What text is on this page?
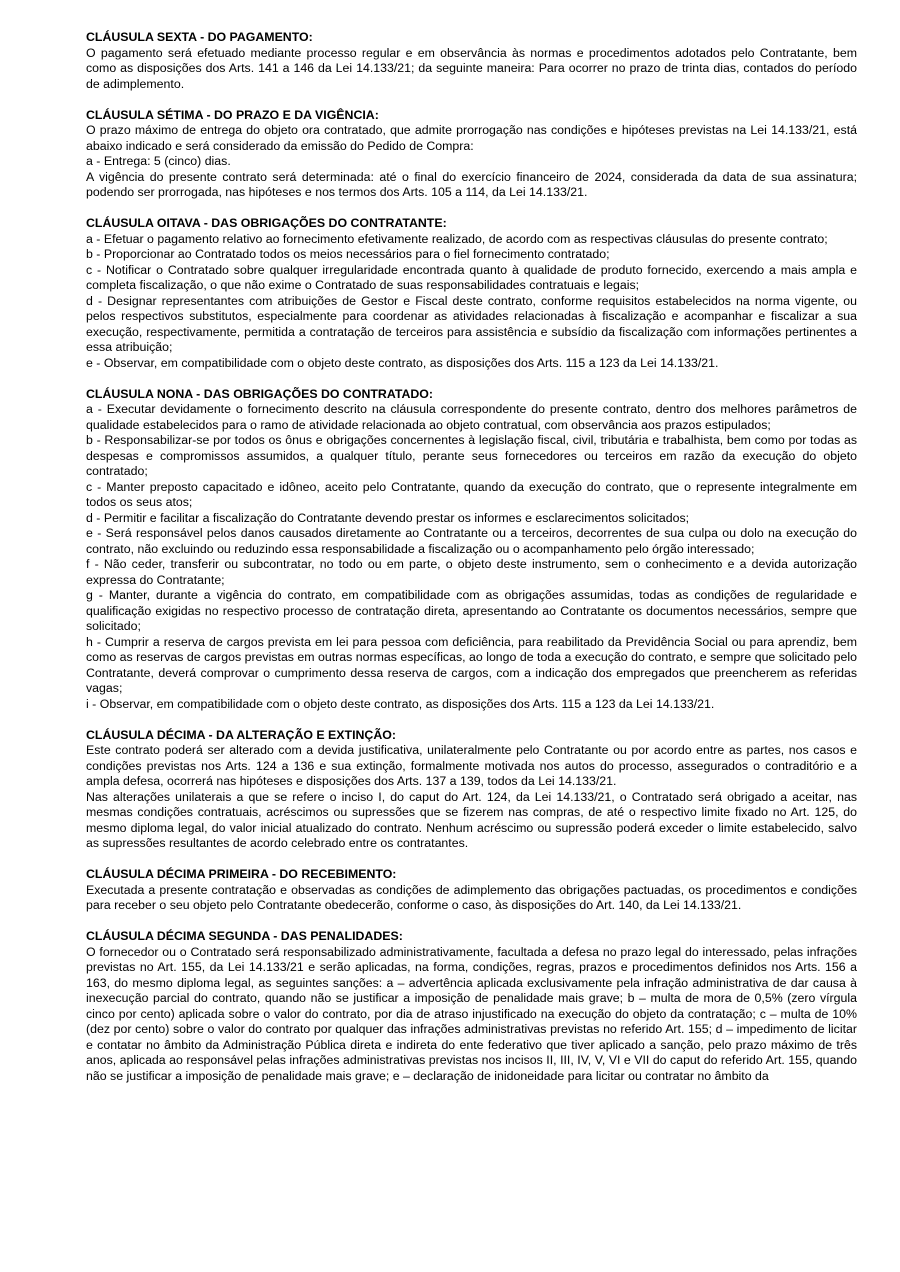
CLÁUSULA SEXTA - DO PAGAMENTO:
O pagamento será efetuado mediante processo regular e em observância às normas e procedimentos adotados pelo Contratante, bem como as disposições dos Arts. 141 a 146 da Lei 14.133/21; da seguinte maneira: Para ocorrer no prazo de trinta dias, contados do período de adimplemento.
CLÁUSULA SÉTIMA - DO PRAZO E DA VIGÊNCIA:
O prazo máximo de entrega do objeto ora contratado, que admite prorrogação nas condições e hipóteses previstas na Lei 14.133/21, está abaixo indicado e será considerado da emissão do Pedido de Compra:
a - Entrega: 5 (cinco) dias.
A vigência do presente contrato será determinada: até o final do exercício financeiro de 2024, considerada da data de sua assinatura; podendo ser prorrogada, nas hipóteses e nos termos dos Arts. 105 a 114, da Lei 14.133/21.
CLÁUSULA OITAVA - DAS OBRIGAÇÕES DO CONTRATANTE:
a - Efetuar o pagamento relativo ao fornecimento efetivamente realizado, de acordo com as respectivas cláusulas do presente contrato;
b - Proporcionar ao Contratado todos os meios necessários para o fiel fornecimento contratado;
c - Notificar o Contratado sobre qualquer irregularidade encontrada quanto à qualidade de produto fornecido, exercendo a mais ampla e completa fiscalização, o que não exime o Contratado de suas responsabilidades contratuais e legais;
d - Designar representantes com atribuições de Gestor e Fiscal deste contrato, conforme requisitos estabelecidos na norma vigente, ou pelos respectivos substitutos, especialmente para coordenar as atividades relacionadas à fiscalização e acompanhar e fiscalizar a sua execução, respectivamente, permitida a contratação de terceiros para assistência e subsídio da fiscalização com informações pertinentes a essa atribuição;
e - Observar, em compatibilidade com o objeto deste contrato, as disposições dos Arts. 115 a 123 da Lei 14.133/21.
CLÁUSULA NONA - DAS OBRIGAÇÕES DO CONTRATADO:
a - Executar devidamente o fornecimento descrito na cláusula correspondente do presente contrato, dentro dos melhores parâmetros de qualidade estabelecidos para o ramo de atividade relacionada ao objeto contratual, com observância aos prazos estipulados;
b - Responsabilizar-se por todos os ônus e obrigações concernentes à legislação fiscal, civil, tributária e trabalhista, bem como por todas as despesas e compromissos assumidos, a qualquer título, perante seus fornecedores ou terceiros em razão da execução do objeto contratado;
c - Manter preposto capacitado e idôneo, aceito pelo Contratante, quando da execução do contrato, que o represente integralmente em todos os seus atos;
d - Permitir e facilitar a fiscalização do Contratante devendo prestar os informes e esclarecimentos solicitados;
e - Será responsável pelos danos causados diretamente ao Contratante ou a terceiros, decorrentes de sua culpa ou dolo na execução do contrato, não excluindo ou reduzindo essa responsabilidade a fiscalização ou o acompanhamento pelo órgão interessado;
f - Não ceder, transferir ou subcontratar, no todo ou em parte, o objeto deste instrumento, sem o conhecimento e a devida autorização expressa do Contratante;
g - Manter, durante a vigência do contrato, em compatibilidade com as obrigações assumidas, todas as condições de regularidade e qualificação exigidas no respectivo processo de contratação direta, apresentando ao Contratante os documentos necessários, sempre que solicitado;
h - Cumprir a reserva de cargos prevista em lei para pessoa com deficiência, para reabilitado da Previdência Social ou para aprendiz, bem como as reservas de cargos previstas em outras normas específicas, ao longo de toda a execução do contrato, e sempre que solicitado pelo Contratante, deverá comprovar o cumprimento dessa reserva de cargos, com a indicação dos empregados que preencherem as referidas vagas;
i - Observar, em compatibilidade com o objeto deste contrato, as disposições dos Arts. 115 a 123 da Lei 14.133/21.
CLÁUSULA DÉCIMA - DA ALTERAÇÃO E EXTINÇÃO:
Este contrato poderá ser alterado com a devida justificativa, unilateralmente pelo Contratante ou por acordo entre as partes, nos casos e condições previstas nos Arts. 124 a 136 e sua extinção, formalmente motivada nos autos do processo, assegurados o contraditório e a ampla defesa, ocorrerá nas hipóteses e disposições dos Arts. 137 a 139, todos da Lei 14.133/21.
Nas alterações unilaterais a que se refere o inciso I, do caput do Art. 124, da Lei 14.133/21, o Contratado será obrigado a aceitar, nas mesmas condições contratuais, acréscimos ou supressões que se fizerem nas compras, de até o respectivo limite fixado no Art. 125, do mesmo diploma legal, do valor inicial atualizado do contrato. Nenhum acréscimo ou supressão poderá exceder o limite estabelecido, salvo as supressões resultantes de acordo celebrado entre os contratantes.
CLÁUSULA DÉCIMA PRIMEIRA - DO RECEBIMENTO:
Executada a presente contratação e observadas as condições de adimplemento das obrigações pactuadas, os procedimentos e condições para receber o seu objeto pelo Contratante obedecerão, conforme o caso, às disposições do Art. 140, da Lei 14.133/21.
CLÁUSULA DÉCIMA SEGUNDA - DAS PENALIDADES:
O fornecedor ou o Contratado será responsabilizado administrativamente, facultada a defesa no prazo legal do interessado, pelas infrações previstas no Art. 155, da Lei 14.133/21 e serão aplicadas, na forma, condições, regras, prazos e procedimentos definidos nos Arts. 156 a 163, do mesmo diploma legal, as seguintes sanções: a – advertência aplicada exclusivamente pela infração administrativa de dar causa à inexecução parcial do contrato, quando não se justificar a imposição de penalidade mais grave; b – multa de mora de 0,5% (zero vírgula cinco por cento) aplicada sobre o valor do contrato, por dia de atraso injustificado na execução do objeto da contratação; c – multa de 10% (dez por cento) sobre o valor do contrato por qualquer das infrações administrativas previstas no referido Art. 155; d – impedimento de licitar e contatar no âmbito da Administração Pública direta e indireta do ente federativo que tiver aplicado a sanção, pelo prazo máximo de três anos, aplicada ao responsável pelas infrações administrativas previstas nos incisos II, III, IV, V, VI e VII do caput do referido Art. 155, quando não se justificar a imposição de penalidade mais grave; e – declaração de inidoneidade para licitar ou contratar no âmbito da
